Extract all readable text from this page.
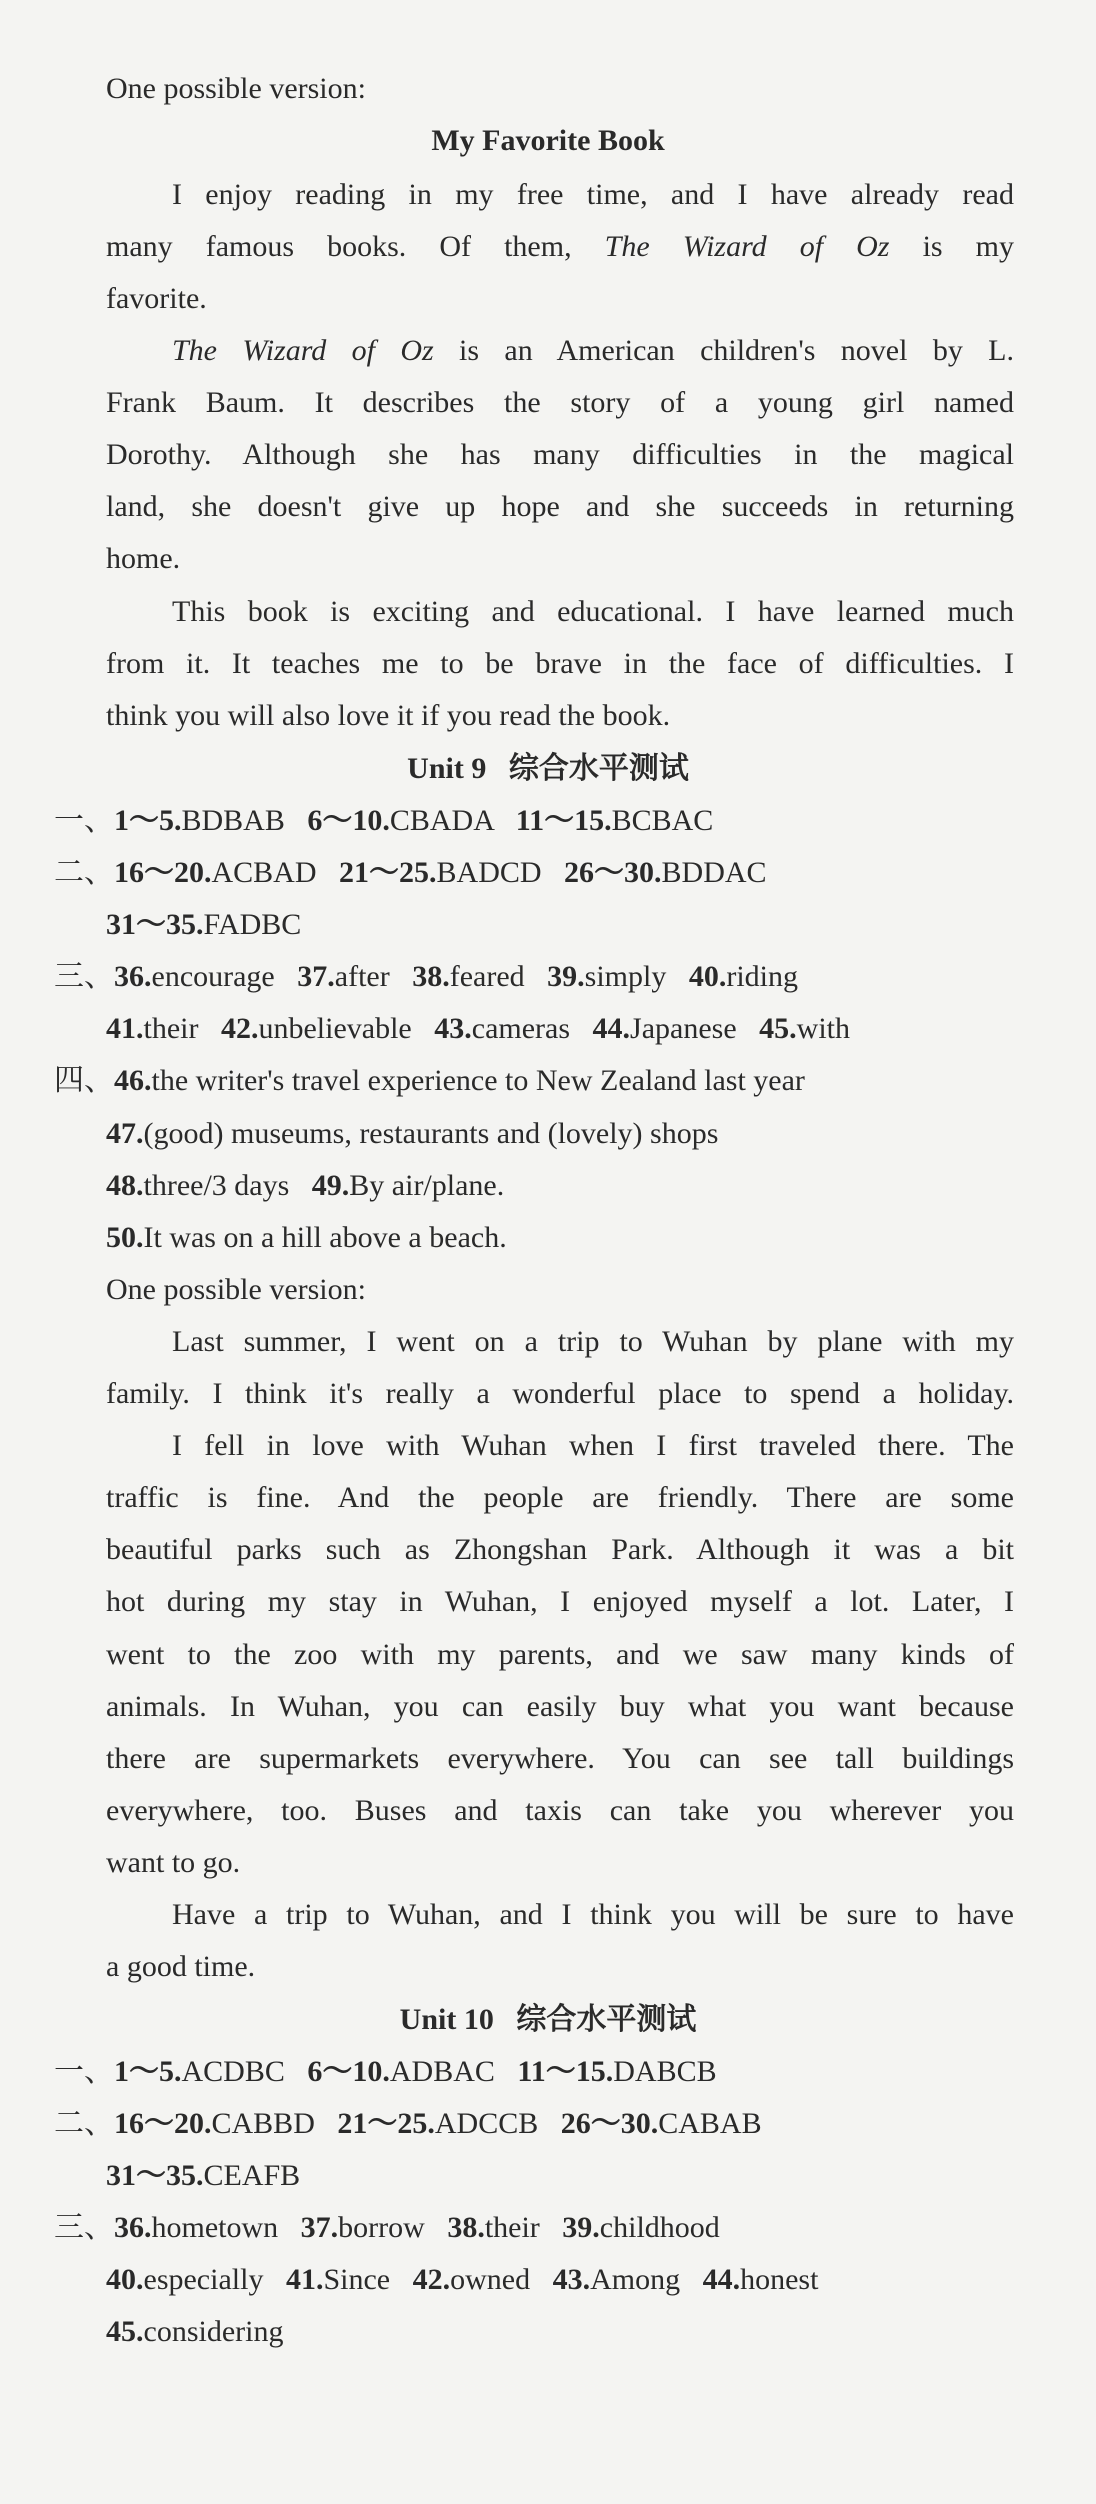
One possible version:
My Favorite Book
I enjoy reading in my free time, and I have already read
many famous books. Of them, The Wizard of Oz is my
favorite.
The Wizard of Oz is an American children's novel by L.
Frank Baum. It describes the story of a young girl named
Dorothy. Although she has many difficulties in the magical
land, she doesn't give up hope and she succeeds in returning
home.
This book is exciting and educational. I have learned much
from it. It teaches me to be brave in the face of difficulties. I
think you will also love it if you read the book.
Unit 9   综合水平测试
一、1～5.BDBAB 6～10.CBADA 11～15.BCBAC
二、16～20.ACBAD 21～25.BADCD 26～30.BDDAC
31～35.FADBC
三、36.encourage 37.after 38.feared 39.simply 40.riding
41.their 42.unbelievable 43.cameras 44.Japanese 45.with
四、46.the writer's travel experience to New Zealand last year
47.(good) museums, restaurants and (lovely) shops
48.three/3 days 49.By air/plane.
50.It was on a hill above a beach.
One possible version:
Last summer, I went on a trip to Wuhan by plane with my
family. I think it's really a wonderful place to spend a holiday.
I fell in love with Wuhan when I first traveled there. The
traffic is fine. And the people are friendly. There are some
beautiful parks such as Zhongshan Park. Although it was a bit
hot during my stay in Wuhan, I enjoyed myself a lot. Later, I
went to the zoo with my parents, and we saw many kinds of
animals. In Wuhan, you can easily buy what you want because
there are supermarkets everywhere. You can see tall buildings
everywhere, too. Buses and taxis can take you wherever you
want to go.
Have a trip to Wuhan, and I think you will be sure to have
a good time.
Unit 10   综合水平测试
一、1～5.ACDBC 6～10.ADBAC 11～15.DABCB
二、16～20.CABBD 21～25.ADCCB 26～30.CABAB
31～35.CEAFB
三、36.hometown 37.borrow 38.their 39.childhood
40.especially 41.Since 42.owned 43.Among 44.honest
45.considering
